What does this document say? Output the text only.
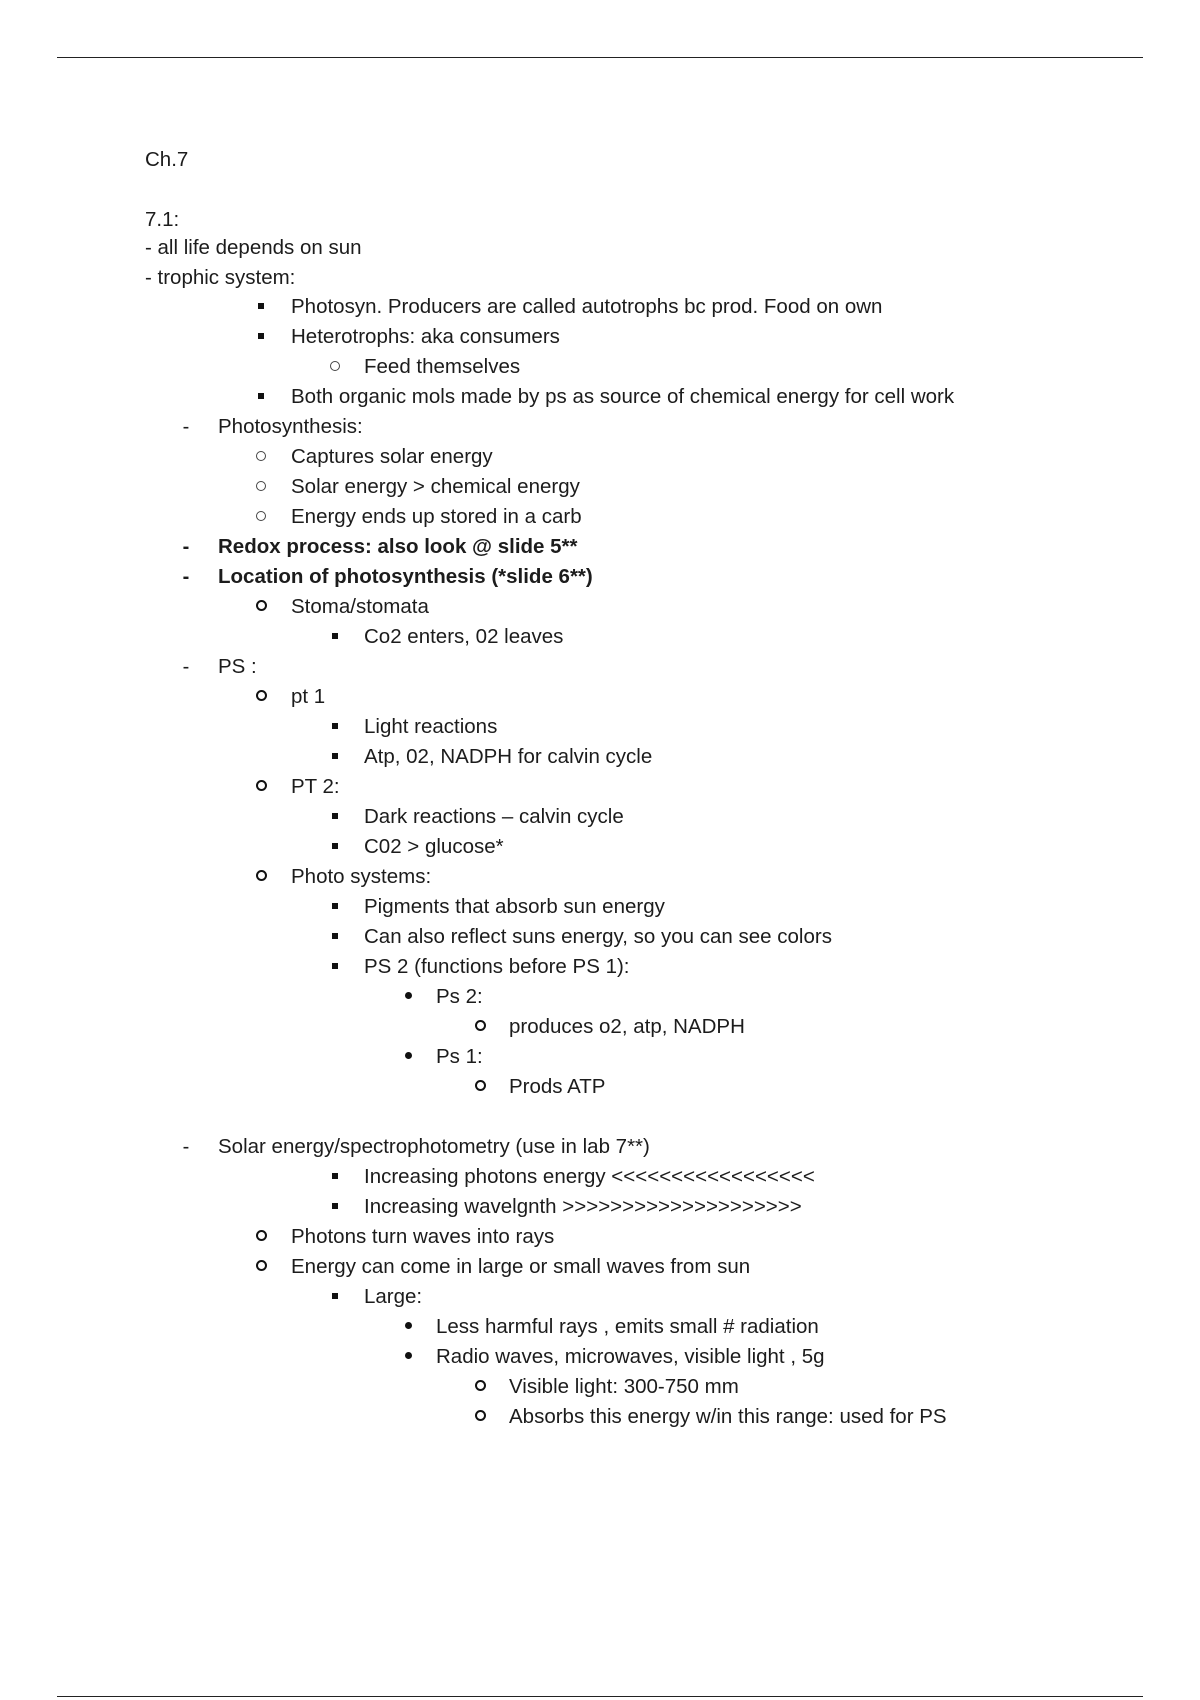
Ch.7
7.1:
- all life depends on sun
- trophic system:
Photosyn. Producers are called autotrophs bc prod. Food on own
Heterotrophs: aka consumers
Feed themselves
Both organic mols made by ps as source of chemical energy for cell work
-	Photosynthesis:
Captures solar energy
Solar energy > chemical energy
Energy ends up stored in a carb
-	Redox process: also look @ slide 5**
-	Location of photosynthesis (*slide 6**)
Stoma/stomata
Co2 enters, 02 leaves
-	PS :
pt 1
Light reactions
Atp, 02, NADPH for calvin cycle
PT 2:
Dark reactions – calvin cycle
C02 > glucose*
Photo systems:
Pigments that absorb sun energy
Can also reflect suns energy, so you can see colors
PS 2 (functions before PS 1):
Ps 2:
produces o2, atp, NADPH
Ps 1:
Prods ATP
-	Solar energy/spectrophotometry (use in lab 7**)
Increasing photons energy <<<<<<<<<<<<<<<<<
Increasing wavelgnth >>>>>>>>>>>>>>>>>>>>
Photons turn waves into rays
Energy can come in large or small waves from sun
Large:
Less harmful rays , emits small # radiation
Radio waves, microwaves, visible light , 5g
Visible light: 300-750 mm
Absorbs this energy w/in this range: used for PS
